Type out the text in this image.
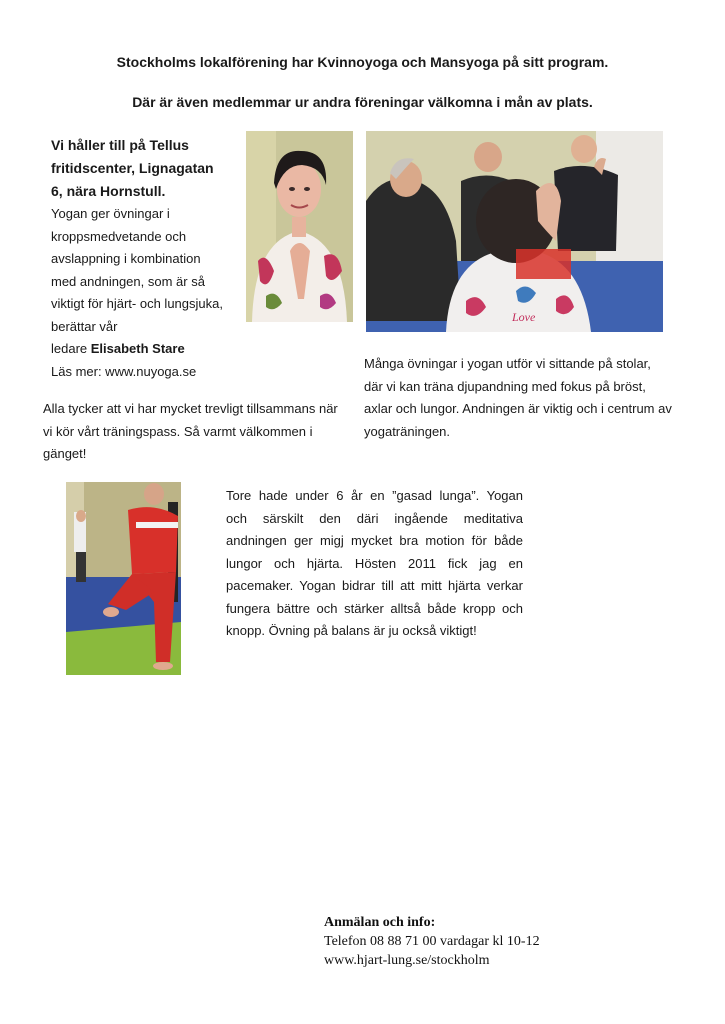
Stockholms lokalförening har Kvinnoyoga och Mansyoga på sitt program.
Där är även medlemmar ur andra föreningar välkomna i mån av plats.
Vi håller till på Tellus
fritidscenter, Lignagatan
6, nära Hornstull.
Yogan ger övningar i
kroppsmedvetande och
avslappning i kombination
med andningen, som är så
viktigt för hjärt- och lungsjuka,
berättar vår
ledare Elisabeth Stare
Läs mer: www.nuyoga.se
Love
Många övningar i yogan utför vi sittande på stolar,
där vi kan träna djupandning med fokus på bröst,
axlar och lungor. Andningen är viktig och i centrum av
yogaträningen.
Alla tycker att vi har mycket trevligt tillsammans när
vi kör vårt träningspass. Så varmt välkommen i
gänget!
Tore hade under 6 år en ”gasad lunga”. Yogan
och särskilt den däri ingående meditativa
andningen ger migj mycket bra motion för både
lungor och hjärta. Hösten 2011 fick jag en
pacemaker. Yogan bidrar till att mitt hjärta verkar
fungera bättre och stärker alltså både kropp och
knopp. Övning på balans är ju också viktigt!
Anmälan och info:
Telefon 08 88 71 00 vardagar kl 10-12
www.hjart-lung.se/stockholm
